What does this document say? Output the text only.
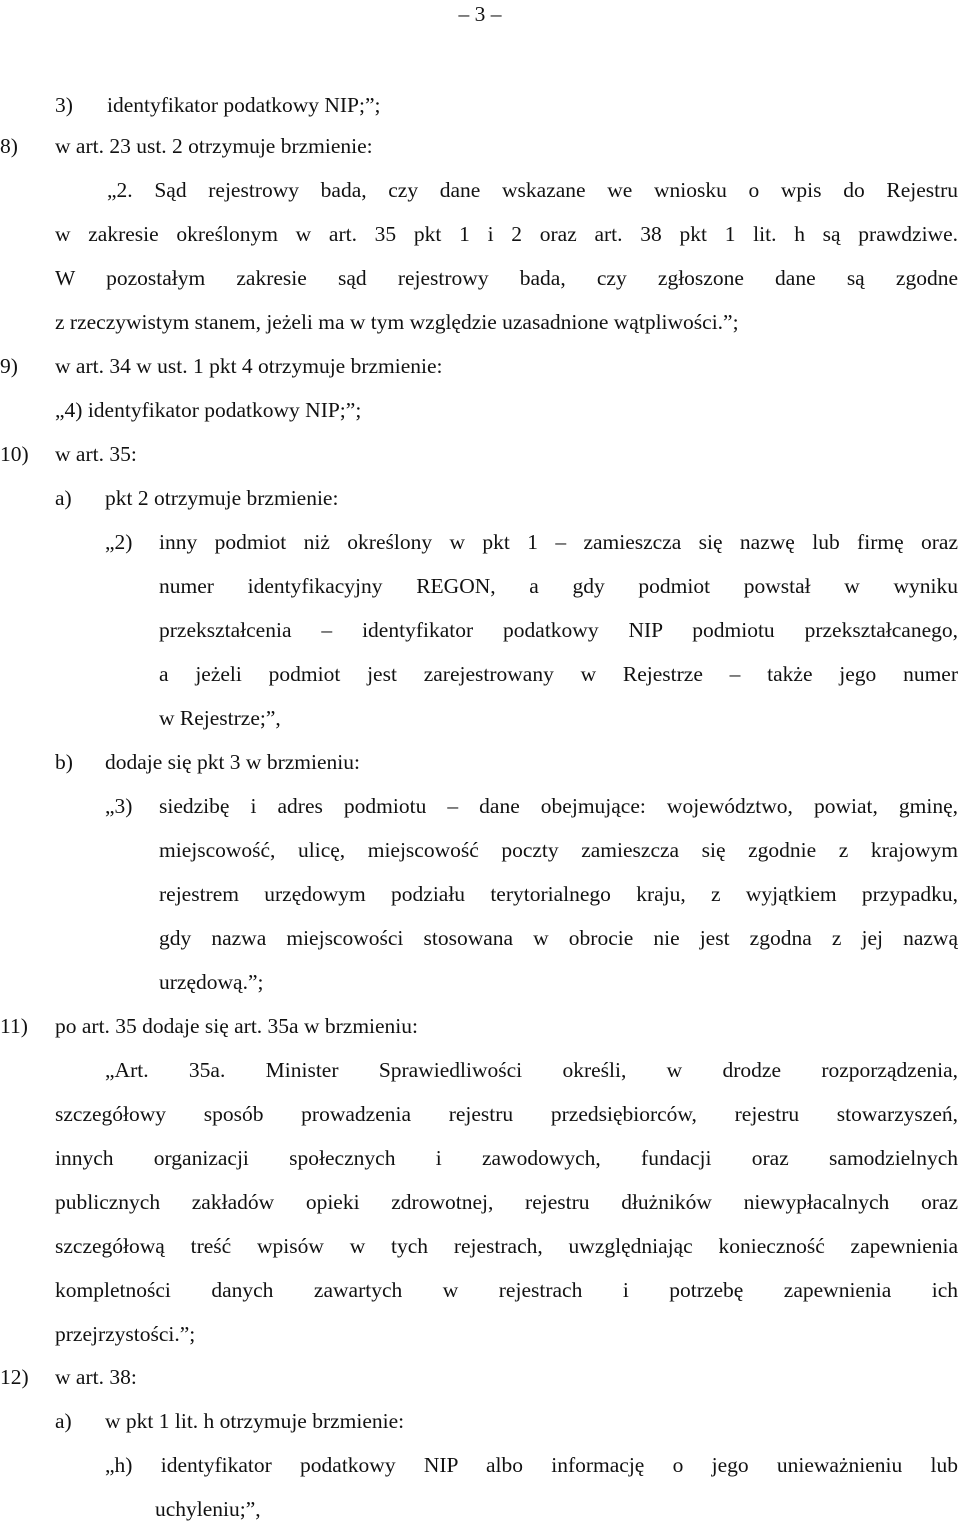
– 3 –
3) identyfikator podatkowy NIP;”;
8) w art. 23 ust. 2 otrzymuje brzmienie:
„2. Sąd rejestrowy bada, czy dane wskazane we wniosku o wpis do Rejestru
w zakresie określonym w art. 35 pkt 1 i 2 oraz art. 38 pkt 1 lit. h są prawdziwe.
W pozostałym zakresie sąd rejestrowy bada, czy zgłoszone dane są zgodne
z rzeczywistym stanem, jeżeli ma w tym względzie uzasadnione wątpliwości.”;
9) w art. 34 w ust. 1 pkt 4 otrzymuje brzmienie:
„4) identyfikator podatkowy NIP;”;
10) w art. 35:
a) pkt 2 otrzymuje brzmienie:
„2) inny podmiot niż określony w pkt 1 – zamieszcza się nazwę lub firmę oraz
numer identyfikacyjny REGON, a gdy podmiot powstał w wyniku
przekształcenia – identyfikator podatkowy NIP podmiotu przekształcanego,
a jeżeli podmiot jest zarejestrowany w Rejestrze – także jego numer
w Rejestrze;”,
b) dodaje się pkt 3 w brzmieniu:
„3) siedzibę i adres podmiotu – dane obejmujące: województwo, powiat, gminę,
miejscowość, ulicę, miejscowość poczty zamieszcza się zgodnie z krajowym
rejestrem urzędowym podziału terytorialnego kraju, z wyjątkiem przypadku,
gdy nazwa miejscowości stosowana w obrocie nie jest zgodna z jej nazwą
urzędową.”;
11) po art. 35 dodaje się art. 35a w brzmieniu:
„Art. 35a. Minister Sprawiedliwości określi, w drodze rozporządzenia,
szczegółowy sposób prowadzenia rejestru przedsiębiorców, rejestru stowarzyszeń,
innych organizacji społecznych i zawodowych, fundacji oraz samodzielnych
publicznych zakładów opieki zdrowotnej, rejestru dłużników niewypłacalnych oraz
szczegółową treść wpisów w tych rejestrach, uwzględniając konieczność zapewnienia
kompletności danych zawartych w rejestrach i potrzebę zapewnienia ich
przejrzystości.”;
12) w art. 38:
a) w pkt 1 lit. h otrzymuje brzmienie:
„h) identyfikator podatkowy NIP albo informację o jego unieważnieniu lub
uchyleniu;”,
